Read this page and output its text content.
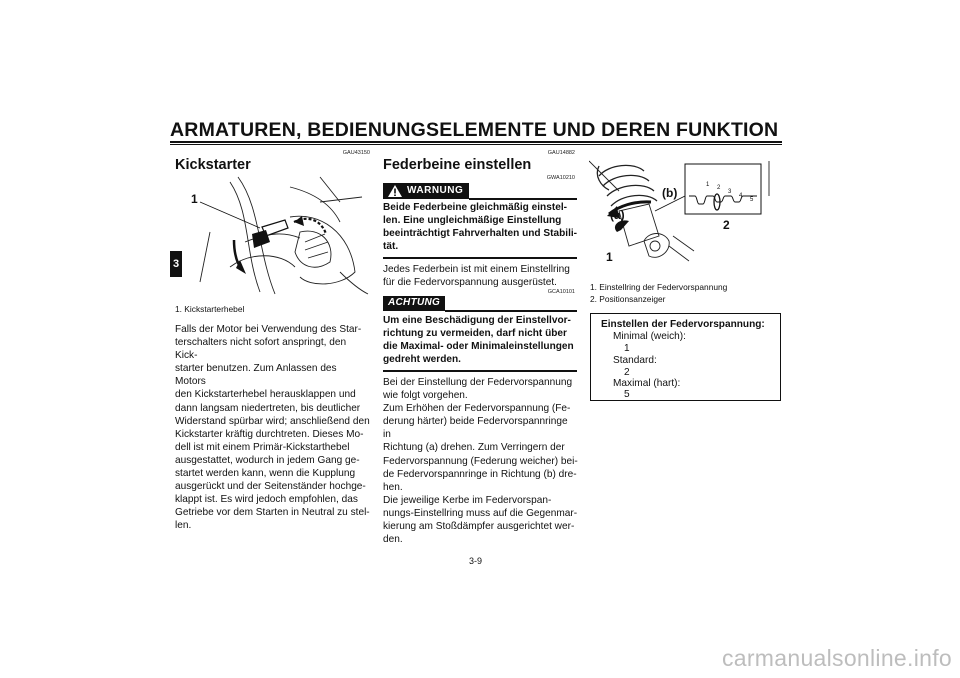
ARMATUREN, BEDIENUNGSELEMENTE UND DEREN FUNKTION
3
GAU43150
Kickstarter
1
1. Kickstarterhebel

Falls der Motor bei Verwendung des Star-

terschalters nicht sofort anspringt, den Kick-

starter benutzen. Zum Anlassen des Motors

den Kickstarterhebel herausklappen und

dann langsam niedertreten, bis deutlicher

Widerstand spürbar wird; anschließend den

Kickstarter kräftig durchtreten. Dieses Mo-

dell ist mit einem Primär-Kickstarthebel

ausgestattet, wodurch in jedem Gang ge-

startet werden kann, wenn die Kupplung

ausgerückt und der Seitenständer hochge-

klappt ist. Es wird jedoch empfohlen, das

Getriebe vor dem Starten in Neutral zu stel-

len.

GAU14882
Federbeine einstellen
GWA10210
WARNUNG
Beide Federbeine gleichmäßig einstel-
len. Eine ungleichmäßige Einstellung
beeinträchtigt Fahrverhalten und Stabili-
tät.

Jedes Federbein ist mit einem Einstellring

für die Federvorspannung ausgerüstet.

GCA10101
ACHTUNG
Um eine Beschädigung der Einstellvor-
richtung zu vermeiden, darf nicht über
die Maximal- oder Minimaleinstellungen
gedreht werden.

Bei der Einstellung der Federvorspannung

wie folgt vorgehen.

Zum Erhöhen der Federvorspannung (Fe-

derung härter) beide Federvorspannringe in

Richtung (a) drehen. Zum Verringern der

Federvorspannung (Federung weicher) bei-

de Federvorspannringe in Richtung (b) dre-

hen.

Die jeweilige Kerbe im Federvorspan-

nungs-Einstellring muss auf die Gegenmar-

kierung am Stoßdämpfer ausgerichtet wer-

den.

(a)
(b)
1
2
1 2
3
4
5
1. Einstellring der Federvorspannung
2. Positionsanzeiger
Einstellen der Federvorspannung:
Minimal (weich):
1
Standard:
2
Maximal (hart):
5
3-9
carmanualsonline.info
